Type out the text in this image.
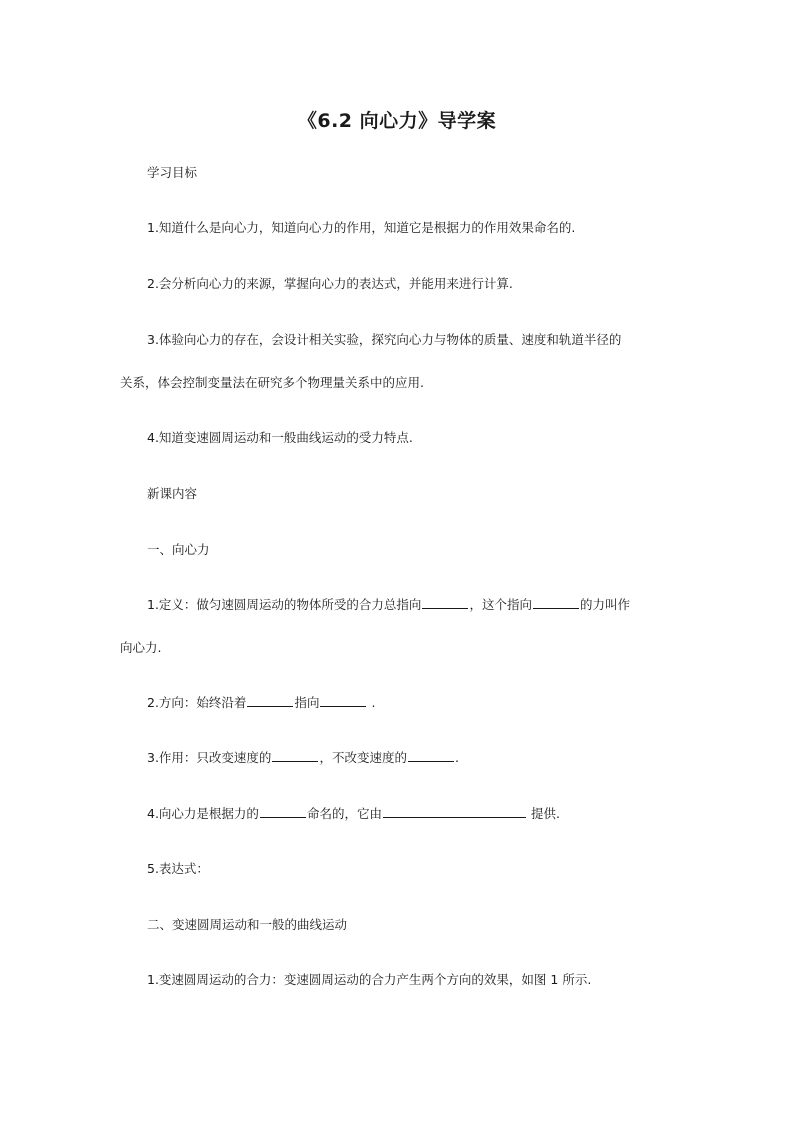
《6.2 向心力》导学案
学习目标
1.知道什么是向心力，知道向心力的作用，知道它是根据力的作用效果命名的.
2.会分析向心力的来源，掌握向心力的表达式，并能用来进行计算.
3.体验向心力的存在，会设计相关实验，探究向心力与物体的质量、速度和轨道半径的
关系，体会控制变量法在研究多个物理量关系中的应用.
4.知道变速圆周运动和一般曲线运动的受力特点.
新课内容
一、向心力
1.定义：做匀速圆周运动的物体所受的合力总指向	，这个指向	的力叫作
向心力.
2.方向：始终沿着	指向	.
3.作用：只改变速度的	，不改变速度的	.
4.向心力是根据力的	命名的，它由	提供.
5.表达式：
二、变速圆周运动和一般的曲线运动
1.变速圆周运动的合力：变速圆周运动的合力产生两个方向的效果，如图 1 所示.
